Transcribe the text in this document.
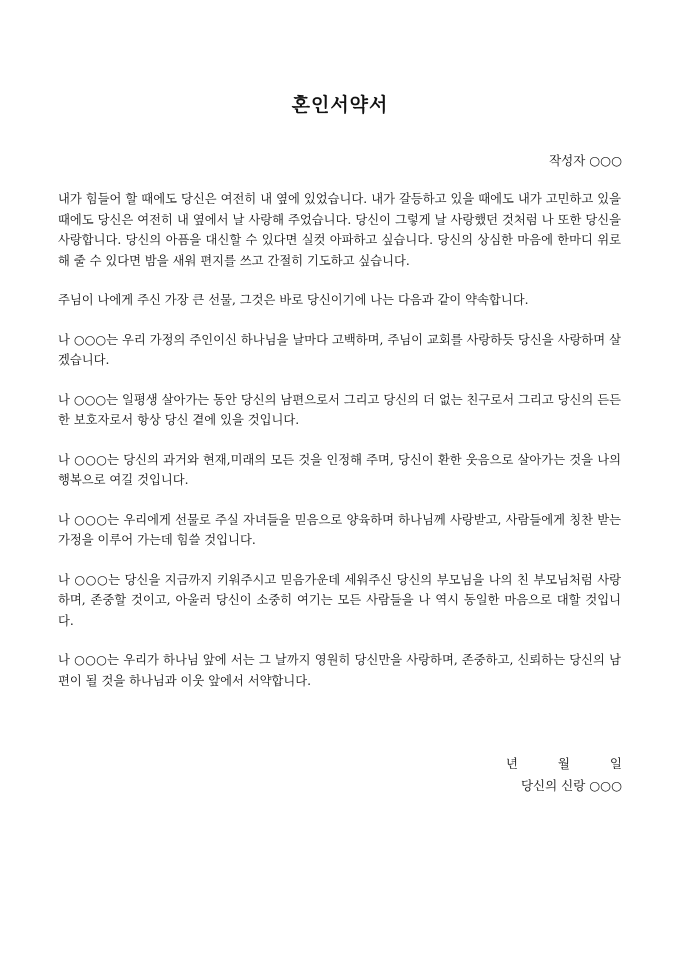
혼인서약서

작성자 ○○○

내가 힘들어 할 때에도 당신은 여전히 내 옆에 있었습니다. 내가 갈등하고 있을 때에도 내가 고민하고 있을 때에도 당신은 여전히 내 옆에서 날 사랑해 주었습니다. 당신이 그렇게 날 사랑했던 것처럼 나 또한 당신을 사랑합니다. 당신의 아픔을 대신할 수 있다면 실컷 아파하고 싶습니다. 당신의 상심한 마음에 한마디 위로해 줄 수 있다면 밤을 새워 편지를 쓰고 간절히 기도하고 싶습니다.

주님이 나에게 주신 가장 큰 선물, 그것은 바로 당신이기에 나는 다음과 같이 약속합니다.

나 ○○○는 우리 가정의 주인이신 하나님을 날마다 고백하며, 주님이 교회를 사랑하듯 당신을 사랑하며 살겠습니다.

나 ○○○는 일평생 살아가는 동안 당신의 남편으로서 그리고 당신의 더 없는 친구로서 그리고 당신의 든든한 보호자로서 항상 당신 곁에 있을 것입니다.

나 ○○○는 당신의 과거와 현재,미래의 모든 것을 인정해 주며, 당신이 환한 웃음으로 살아가는 것을 나의 행복으로 여길 것입니다.

나 ○○○는 우리에게 선물로 주실 자녀들을 믿음으로 양육하며 하나님께 사랑받고, 사람들에게 칭찬 받는 가정을 이루어 가는데 힘쓸 것입니다.

나 ○○○는 당신을 지금까지 키워주시고 믿음가운데 세워주신 당신의 부모님을 나의 친 부모님처럼 사랑하며, 존중할 것이고, 아울러 당신이 소중히 여기는 모든 사람들을 나 역시 동일한 마음으로 대할 것입니다.

나 ○○○는 우리가 하나님 앞에 서는 그 날까지 영원히 당신만을 사랑하며, 존중하고, 신뢰하는 당신의 남편이 될 것을 하나님과 이웃 앞에서 서약합니다.

년	월	일

당신의 신랑 ○○○
